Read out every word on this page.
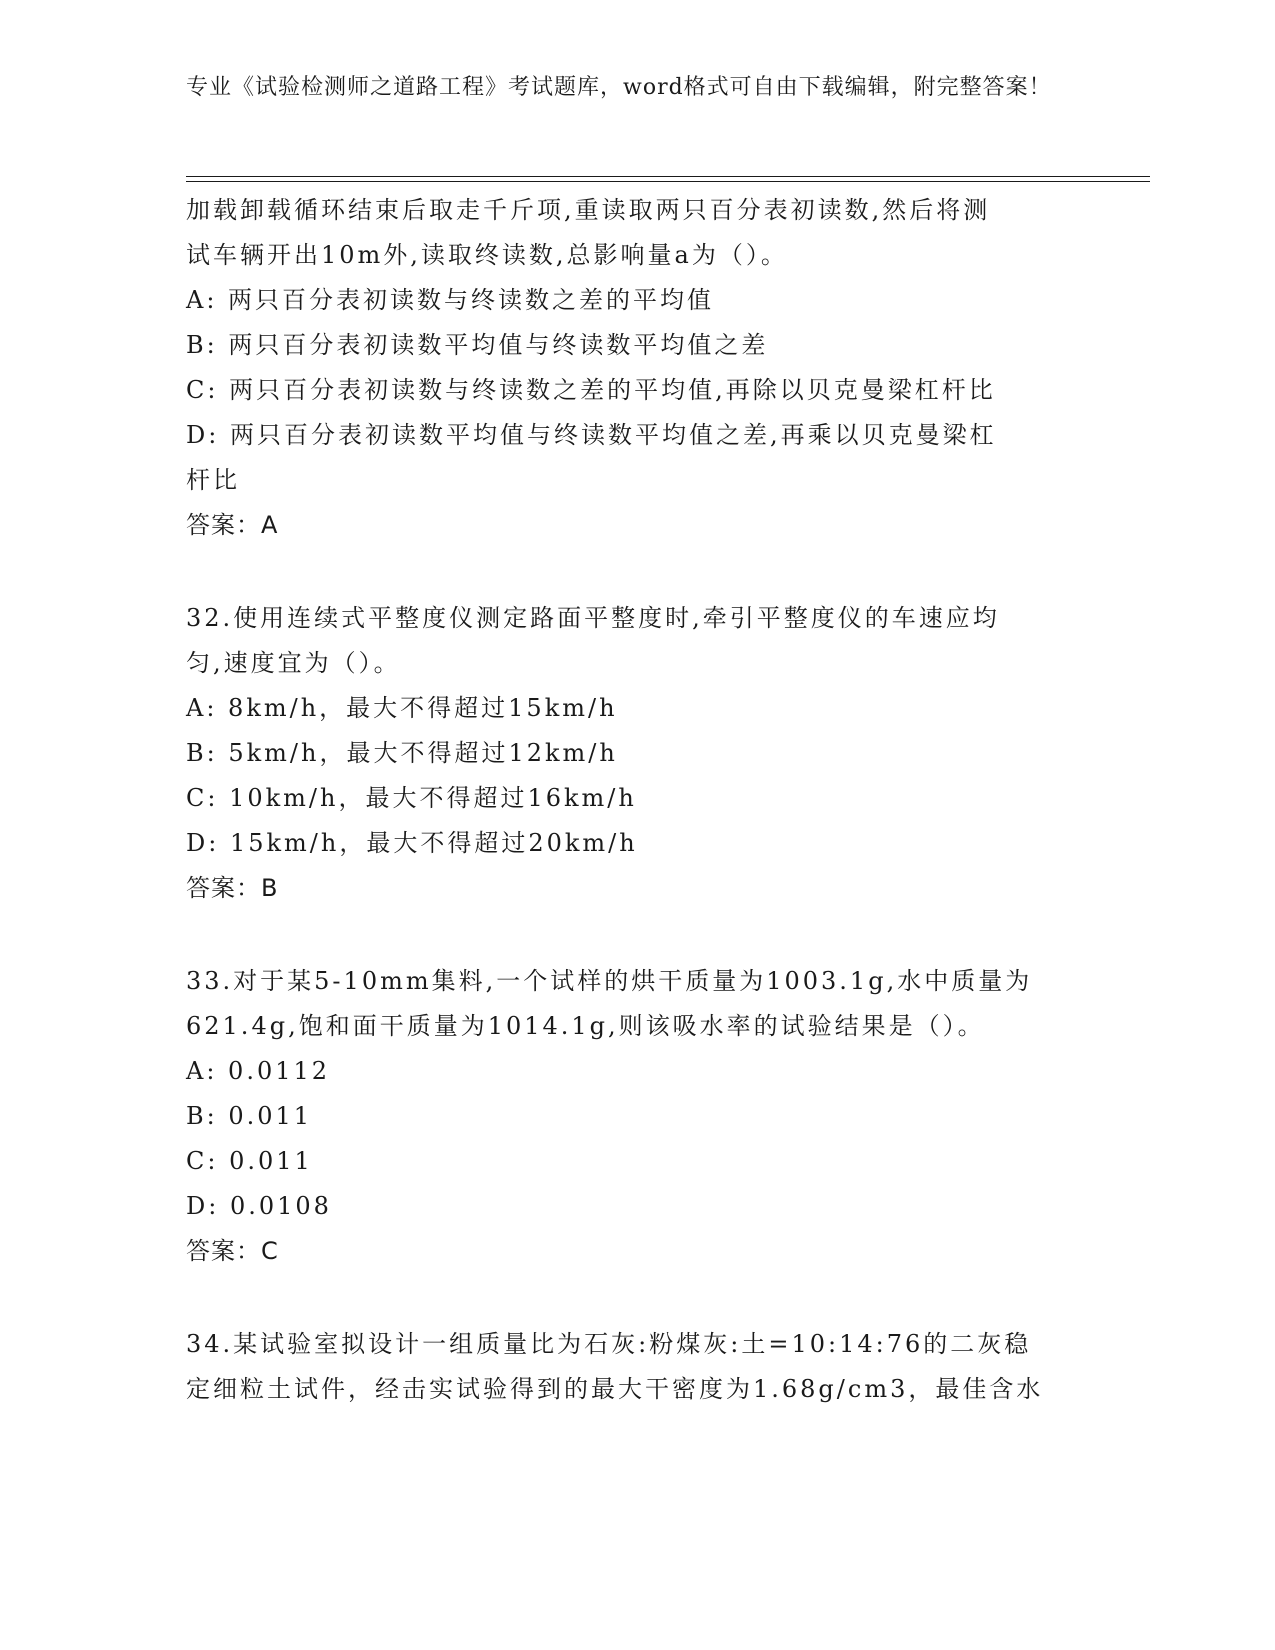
专业《试验检测师之道路工程》考试题库，word格式可自由下载编辑，附完整答案！
加载卸载循环结束后取走千斤项,重读取两只百分表初读数,然后将测
试车辆开出10m外,读取终读数,总影响量a为（）。
A: 两只百分表初读数与终读数之差的平均值
B: 两只百分表初读数平均值与终读数平均值之差
C: 两只百分表初读数与终读数之差的平均值,再除以贝克曼梁杠杆比
D: 两只百分表初读数平均值与终读数平均值之差,再乘以贝克曼梁杠
杆比
答案：A
32.使用连续式平整度仪测定路面平整度时,牵引平整度仪的车速应均
匀,速度宜为（）。
A: 8km/h，最大不得超过15km/h
B: 5km/h，最大不得超过12km/h
C: 10km/h，最大不得超过16km/h
D: 15km/h，最大不得超过20km/h
答案：B
33.对于某5-10mm集料,一个试样的烘干质量为1003.1g,水中质量为
621.4g,饱和面干质量为1014.1g,则该吸水率的试验结果是（）。
A: 0.0112
B: 0.011
C: 0.011
D: 0.0108
答案：C
34.某试验室拟设计一组质量比为石灰:粉煤灰:土=10:14:76的二灰稳
定细粒土试件，经击实试验得到的最大干密度为1.68g/cm3，最佳含水
